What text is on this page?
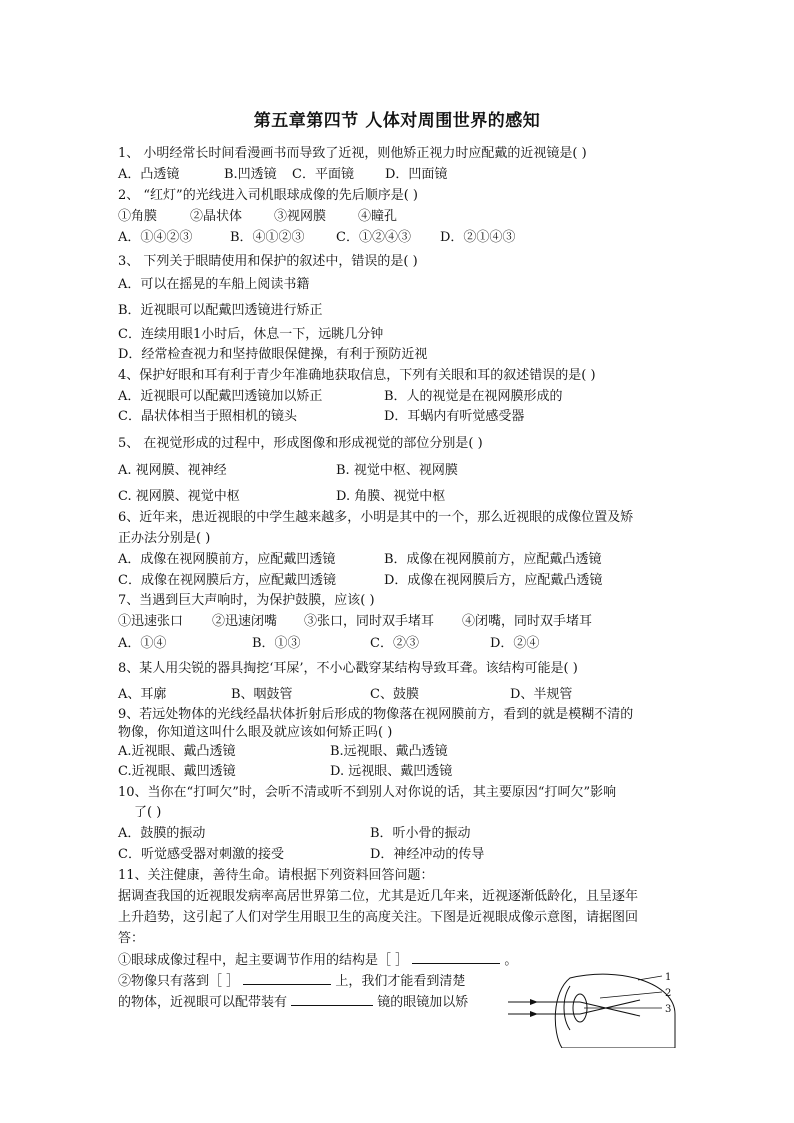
第五章第四节 人体对周围世界的感知
1、 小明经常长时间看漫画书而导致了近视，则他矫正视力时应配戴的近视镜是( )
A．凸透镜	B.凹透镜 C．平面镜 D．凹面镜
2、 “红灯”的光线进入司机眼球成像的先后顺序是( )
①角膜	②晶状体 ③视网膜 ④瞳孔
A．①④②③	B．④①②③ C．①②④③ D．②①④③
3、 下列关于眼睛使用和保护的叙述中，错误的是( )
A．可以在摇晃的车船上阅读书籍
B．近视眼可以配戴凹透镜进行矫正
C．连续用眼1小时后，休息一下，远眺几分钟
D．经常检查视力和坚持做眼保健操，有利于预防近视
4、保护好眼和耳有利于青少年准确地获取信息，下列有关眼和耳的叙述错误的是( )
A．近视眼可以配戴凹透镜加以矫正	B．人的视觉是在视网膜形成的
C．晶状体相当于照相机的镜头	D．耳蜗内有听觉感受器
5、 在视觉形成的过程中，形成图像和形成视觉的部位分别是( )
A. 视网膜、视神经	B. 视觉中枢、视网膜
C. 视网膜、视觉中枢	D. 角膜、视觉中枢
6、近年来，患近视眼的中学生越来越多，小明是其中的一个，那么近视眼的成像位置及矫
正办法分别是( )
A．成像在视网膜前方，应配戴凹透镜	B．成像在视网膜前方，应配戴凸透镜
C．成像在视网膜后方，应配戴凹透镜	D．成像在视网膜后方，应配戴凸透镜
7、当遇到巨大声响时，为保护鼓膜，应该( )
①迅速张口 ②迅速闭嘴 ③张口，同时双手堵耳 ④闭嘴，同时双手堵耳
A．①④	B．①③	C．②③	D．②④
8、某人用尖锐的器具掏挖‘耳屎’，不小心戳穿某结构导致耳聋。该结构可能是( )
A、耳廓	B、咽鼓管	C、鼓膜	D、半规管
9、若远处物体的光线经晶状体折射后形成的物像落在视网膜前方，看到的就是模糊不清的
物像，你知道这叫什么眼及就应该如何矫正吗( )
A.近视眼、戴凸透镜	B.远视眼、戴凸透镜
C.近视眼、戴凹透镜	D. 远视眼、戴凹透镜
10、当你在“打呵欠”时，会听不清或听不到别人对你说的话，其主要原因“打呵欠”影响
了( )
A．鼓膜的振动	B．听小骨的振动
C．听觉感受器对刺激的接受	D．神经冲动的传导
11、关注健康，善待生命。请根据下列资料回答问题：
据调查我国的近视眼发病率高居世界第二位，尤其是近几年来，近视逐渐低龄化，且呈逐年
上升趋势，这引起了人们对学生用眼卫生的高度关注。下图是近视眼成像示意图，请据图回
答：
①眼球成像过程中，起主要调节作用的结构是［ ］	。
②物像只有落到［ ］	上，我们才能看到清楚
的物体，近视眼可以配带装有	镜的眼镜加以矫
1
2
3
